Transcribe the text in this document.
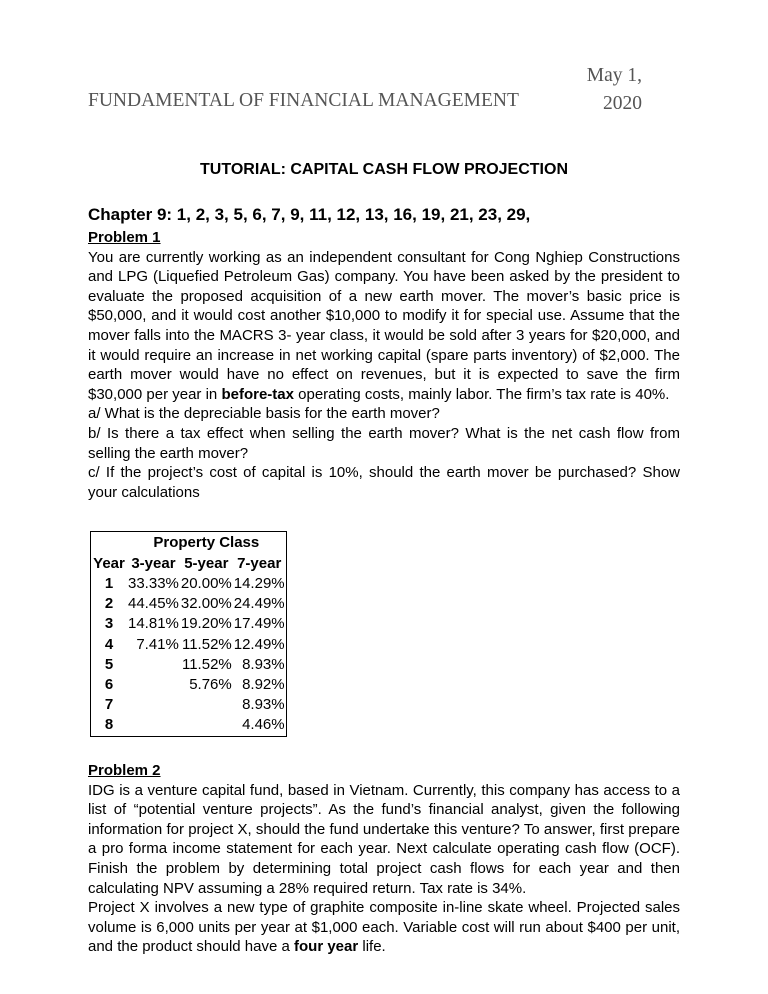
FUNDAMENTAL OF FINANCIAL MANAGEMENT
May 1,
2020
TUTORIAL: CAPITAL CASH FLOW PROJECTION
Chapter 9: 1, 2, 3, 5, 6, 7, 9, 11, 12, 13, 16, 19, 21, 23, 29,
Problem 1

You are currently working as an independent consultant for Cong Nghiep Constructions and LPG (Liquefied Petroleum Gas) company. You have been asked by the president to evaluate the proposed acquisition of a new earth mover. The mover’s basic price is $50,000, and it would cost another $10,000 to modify it for special use. Assume that the mover falls into the MACRS 3- year class, it would be sold after 3 years for $20,000, and it would require an increase in net working capital (spare parts inventory) of $2,000. The earth mover would have no effect on revenues, but it is expected to save the firm $30,000 per year in before-tax operating costs, mainly labor. The firm’s tax rate is 40%.

a/ What is the depreciable basis for the earth mover?

b/ Is there a tax effect when selling the earth mover? What is the net cash flow from selling the earth mover?

c/ If the project’s cost of capital is 10%, should the earth mover be purchased? Show your calculations

	Property Class		
Year	3-year	5-year	7-year
1	33.33%	20.00%	14.29%
2	44.45%	32.00%	24.49%
3	14.81%	19.20%	17.49%
4	7.41%	11.52%	12.49%
5		11.52%	8.93%
6		5.76%	8.92%
7			8.93%
8			4.46%
Problem 2

IDG is a venture capital fund, based in Vietnam. Currently, this company has access to a list of “potential venture projects”. As the fund’s financial analyst, given the following information for project X, should the fund undertake this venture? To answer, first prepare a pro forma income statement for each year. Next calculate operating cash flow (OCF). Finish the problem by determining total project cash flows for each year and then calculating NPV assuming a 28% required return. Tax rate is 34%.

Project X involves a new type of graphite composite in-line skate wheel. Projected sales volume is 6,000 units per year at $1,000 each. Variable cost will run about $400 per unit, and the product should have a four year life.
